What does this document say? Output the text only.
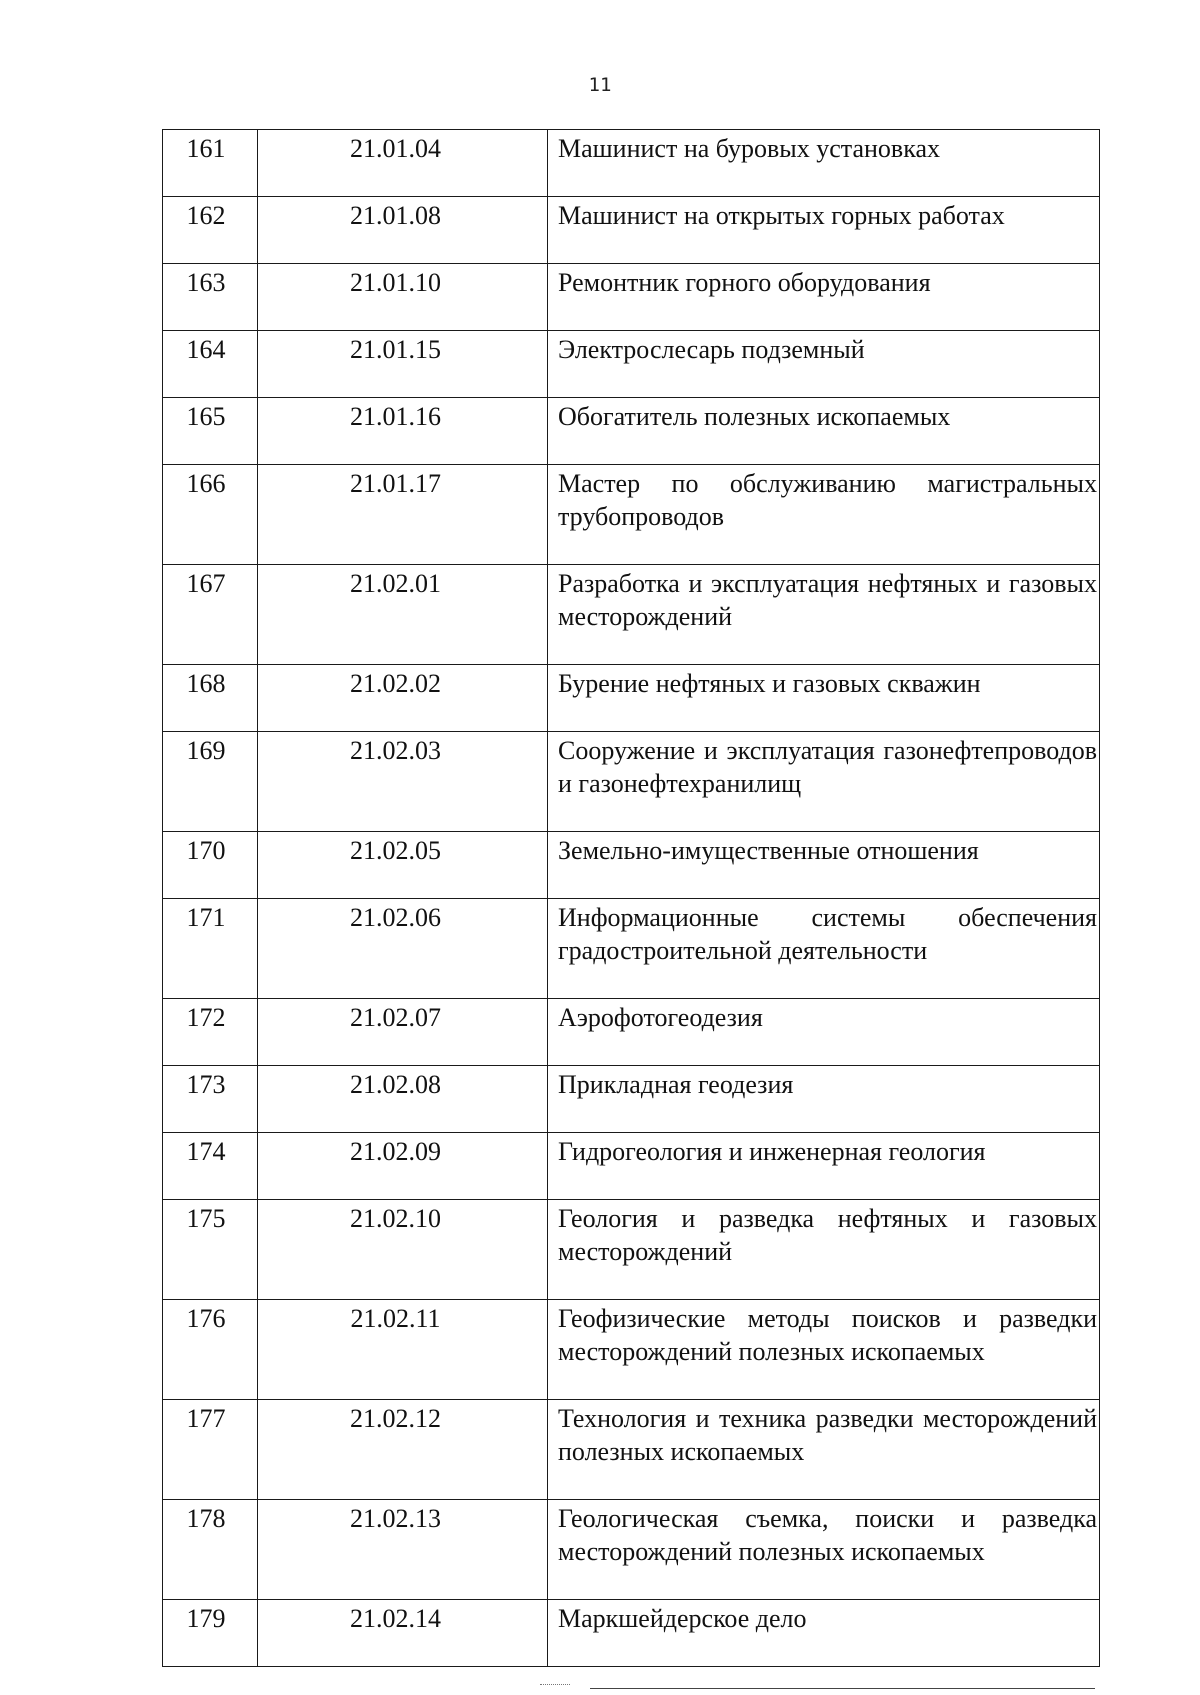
11
161	21.01.04	Машинист на буровых установках
162	21.01.08	Машинист на открытых горных работах
163	21.01.10	Ремонтник горного оборудования
164	21.01.15	Электрослесарь подземный
165	21.01.16	Обогатитель полезных ископаемых
166	21.01.17	Мастер по обслуживанию магистральных трубопроводов
167	21.02.01	Разработка и эксплуатация нефтяных и газовых месторождений
168	21.02.02	Бурение нефтяных и газовых скважин
169	21.02.03	Сооружение и эксплуатация газонефтепроводов и газонефтехранилищ
170	21.02.05	Земельно-имущественные отношения
171	21.02.06	Информационные системы обеспечения градостроительной деятельности
172	21.02.07	Аэрофотогеодезия
173	21.02.08	Прикладная геодезия
174	21.02.09	Гидрогеология и инженерная геология
175	21.02.10	Геология и разведка нефтяных и газовых месторождений
176	21.02.11	Геофизические методы поисков и разведки месторождений полезных ископаемых
177	21.02.12	Технология и техника разведки месторождений полезных ископаемых
178	21.02.13	Геологическая съемка, поиски и разведка месторождений полезных ископаемых
179	21.02.14	Маркшейдерское дело
